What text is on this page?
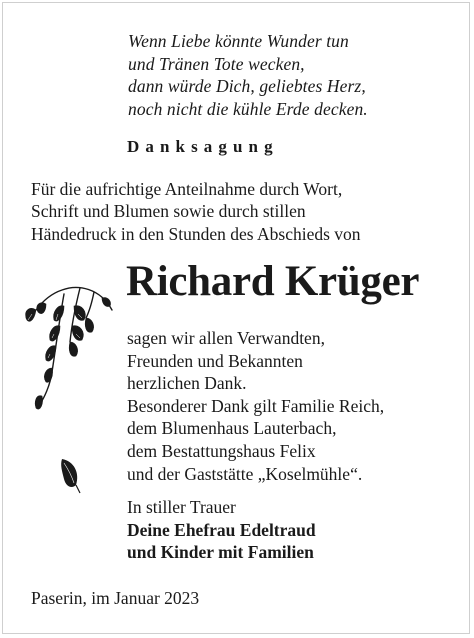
Wenn Liebe könnte Wunder tun
und Tränen Tote wecken,
dann würde Dich, geliebtes Herz,
noch nicht die kühle Erde decken.
Danksagung
Für die aufrichtige Anteilnahme durch Wort,
Schrift und Blumen sowie durch stillen
Händedruck in den Stunden des Abschieds von
Richard Krüger
sagen wir allen Verwandten,
Freunden und Bekannten
herzlichen Dank.
Besonderer Dank gilt Familie Reich,
dem Blumenhaus Lauterbach,
dem Bestattungshaus Felix
und der Gaststätte „Koselmühle“.
In stiller Trauer
Deine Ehefrau Edeltraud
und Kinder mit Familien
Paserin, im Januar 2023
